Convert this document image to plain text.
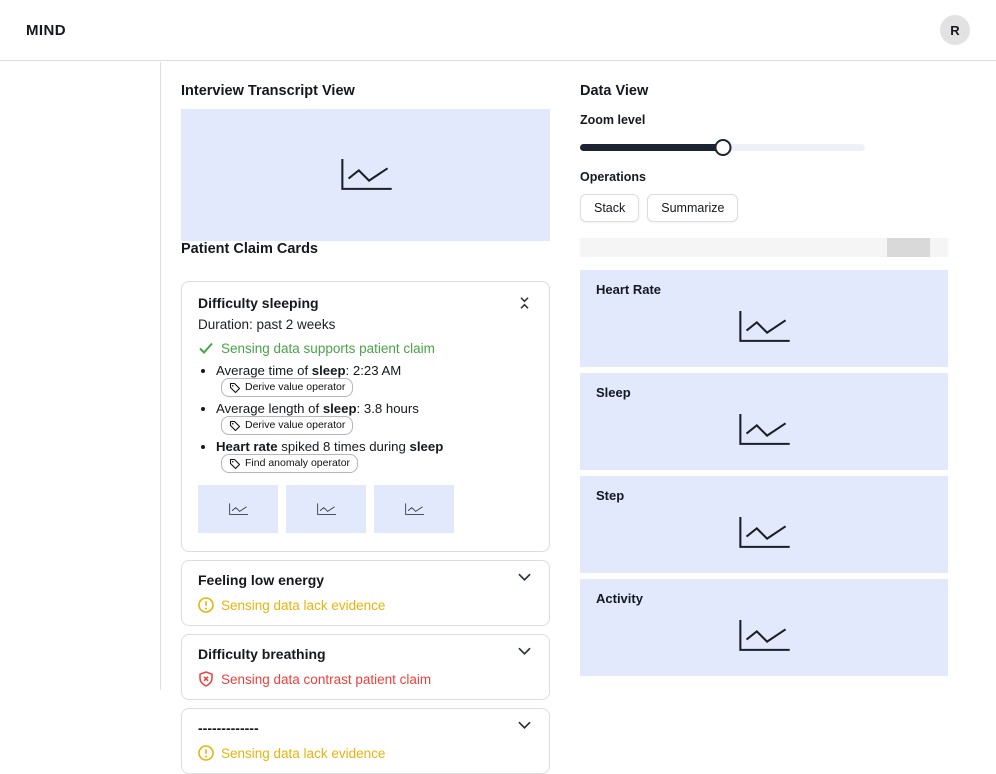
MIND	R
Interview Transcript View
Patient Claim Cards
Difficulty sleeping
Duration: past 2 weeks
Sensing data supports patient claim
• Average time of sleep: 2:23 AM
Derive value operator
• Average length of sleep: 3.8 hours
Derive value operator
• Heart rate spiked 8 times during sleep
Find anomaly operator
Feeling low energy
Sensing data lack evidence
Difficulty breathing
Sensing data contrast patient claim
-------------
Sensing data lack evidence
Data View
Zoom level
Operations
Stack	Summarize
Heart Rate
Sleep
Step
Activity
